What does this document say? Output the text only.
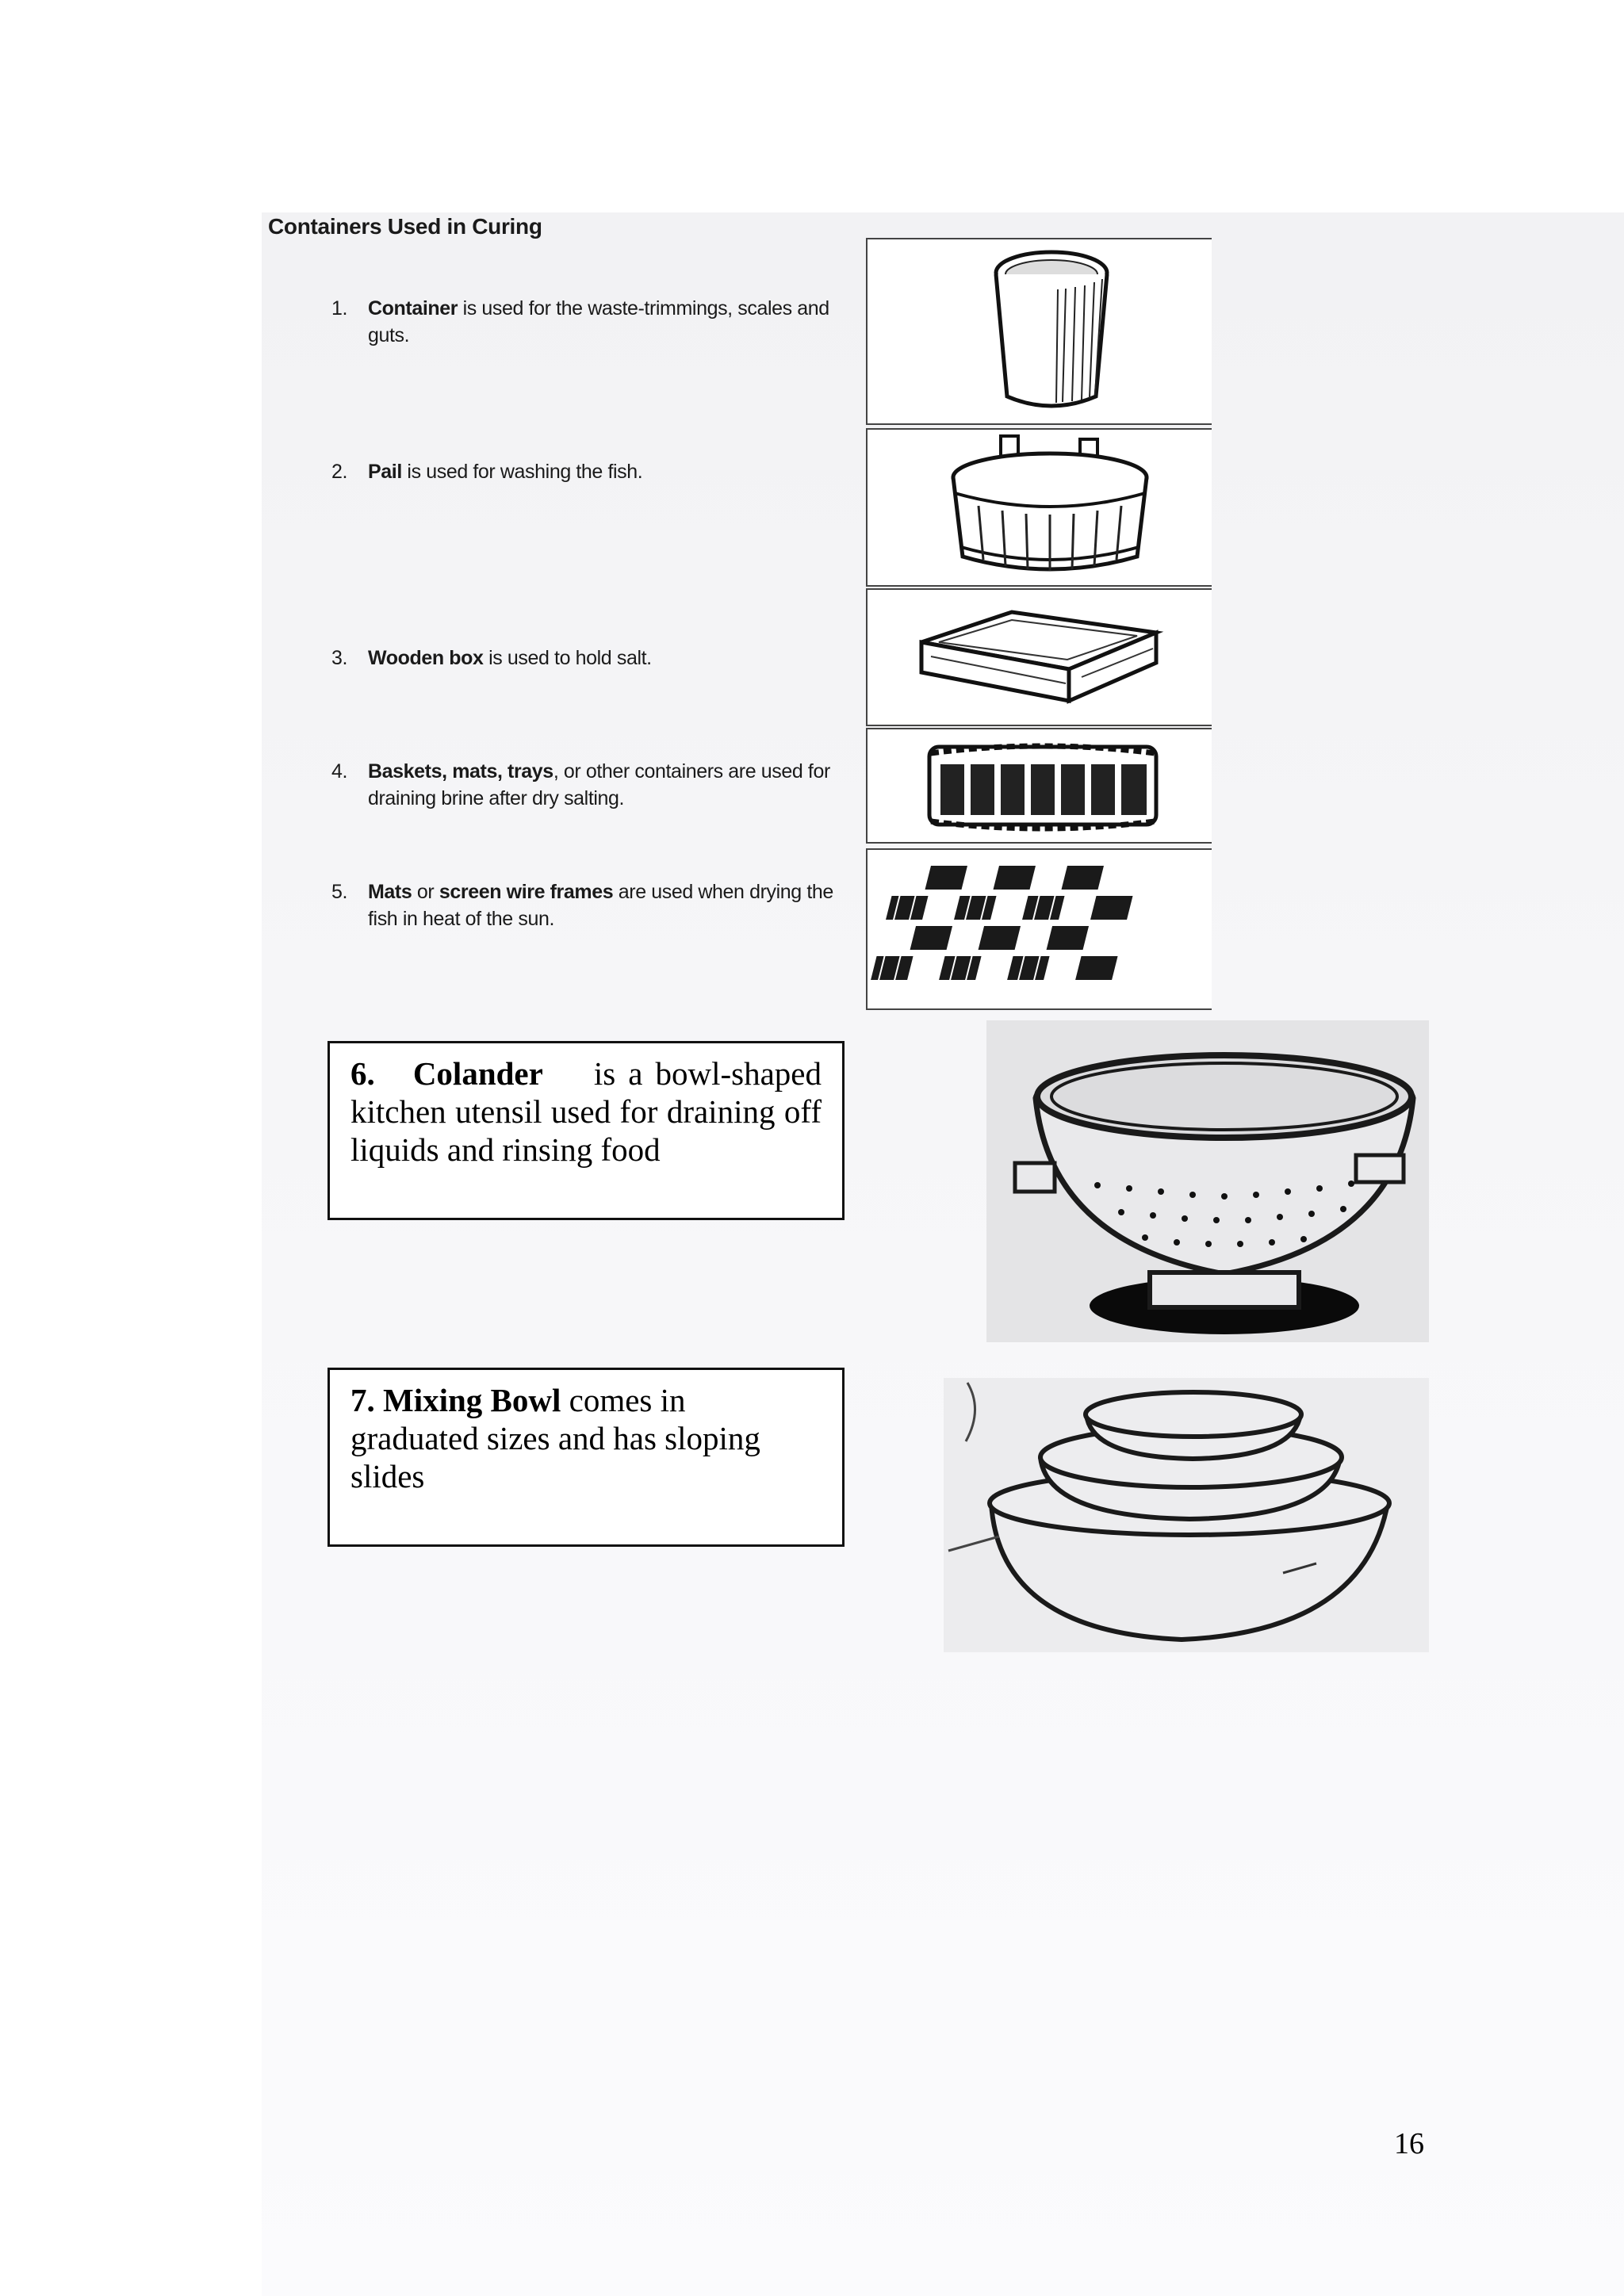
Containers Used in Curing
1. Container is used for the waste-trimmings, scales and guts.
2. Pail is used for washing the fish.
3. Wooden box is used to hold salt.
4. Baskets, mats, trays, or other containers are used for draining brine after dry salting.
5. Mats or screen wire frames are used when drying the fish in heat of the sun.
6. Colander is a bowl-shaped kitchen utensil used for draining off liquids and rinsing food
7. Mixing Bowl comes in graduated sizes and has sloping slides
16
